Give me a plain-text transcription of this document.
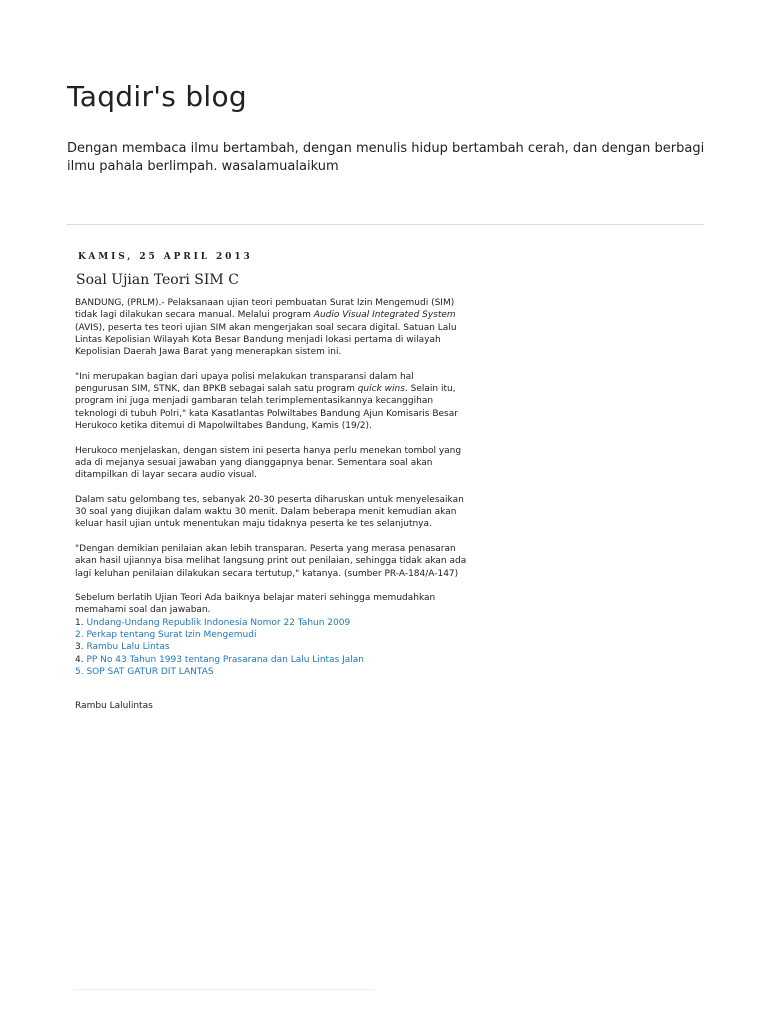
Taqdir's blog

Dengan membaca ilmu bertambah, dengan menulis hidup bertambah cerah, dan dengan berbagi ilmu pahala berlimpah. wasalamualaikum

KAMIS, 25 APRIL 2013
Soal Ujian Teori SIM C

BANDUNG, (PRLM).- Pelaksanaan ujian teori pembuatan Surat Izin Mengemudi (SIM) tidak lagi dilakukan secara manual. Melalui program Audio Visual Integrated System (AVIS), peserta tes teori ujian SIM akan mengerjakan soal secara digital. Satuan Lalu Lintas Kepolisian Wilayah Kota Besar Bandung menjadi lokasi pertama di wilayah Kepolisian Daerah Jawa Barat yang menerapkan sistem ini.

"Ini merupakan bagian dari upaya polisi melakukan transparansi dalam hal pengurusan SIM, STNK, dan BPKB sebagai salah satu program quick wins. Selain itu, program ini juga menjadi gambaran telah terimplementasikannya kecanggihan teknologi di tubuh Polri," kata Kasatlantas Polwiltabes Bandung Ajun Komisaris Besar Herukoco ketika ditemui di Mapolwiltabes Bandung, Kamis (19/2).

Herukoco menjelaskan, dengan sistem ini peserta hanya perlu menekan tombol yang ada di mejanya sesuai jawaban yang dianggapnya benar. Sementara soal akan ditampilkan di layar secara audio visual.

Dalam satu gelombang tes, sebanyak 20-30 peserta diharuskan untuk menyelesaikan 30 soal yang diujikan dalam waktu 30 menit. Dalam beberapa menit kemudian akan keluar hasil ujian untuk menentukan maju tidaknya peserta ke tes selanjutnya.

"Dengan demikian penilaian akan lebih transparan. Peserta yang merasa penasaran akan hasil ujiannya bisa melihat langsung print out penilaian, sehingga tidak akan ada lagi keluhan penilaian dilakukan secara tertutup," katanya. (sumber PR-A-184/A-147)

Sebelum berlatih Ujian Teori Ada baiknya belajar materi sehingga memudahkan memahami soal dan jawaban.
1. Undang-Undang Republik Indonesia Nomor 22 Tahun 2009
2. Perkap tentang Surat Izin Mengemudi
3. Rambu Lalu Lintas
4. PP No 43 Tahun 1993 tentang Prasarana dan Lalu Lintas Jalan
5. SOP SAT GATUR DIT LANTAS
Rambu Lalulintas
